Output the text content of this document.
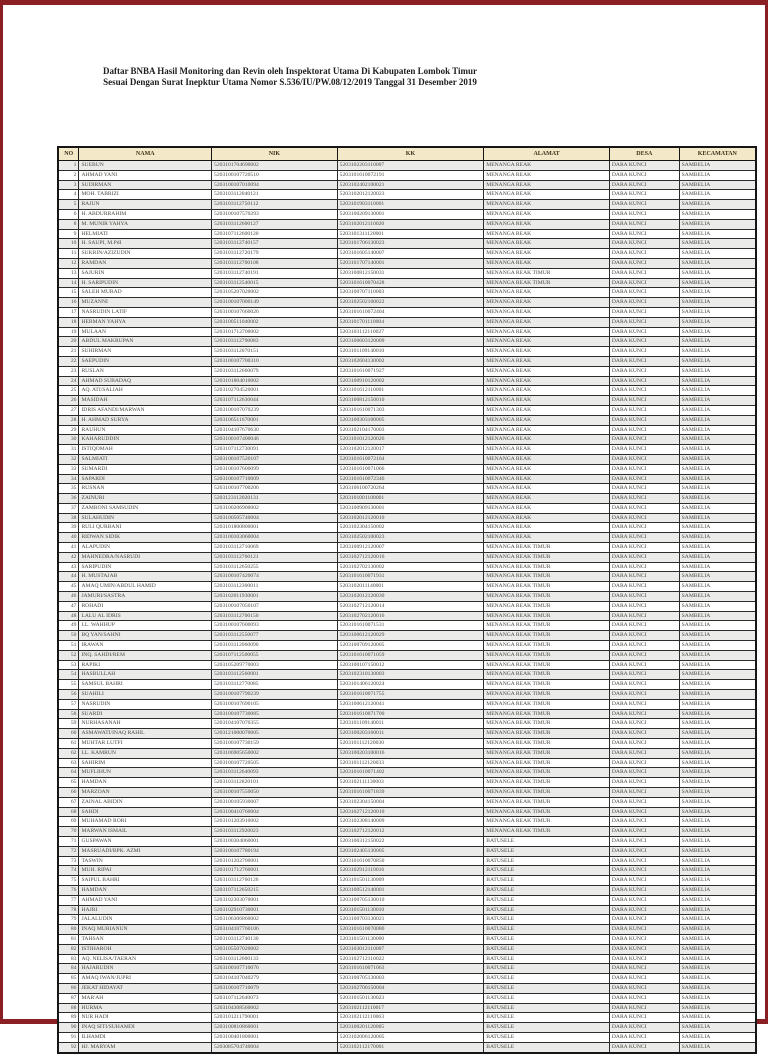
Daftar BNBA Hasil Monitoring dan Revin oleh Inspektorat Utama Di Kabupaten Lombok Timur
Sesuai Dengan Surat Inepktur Utama Nomor S.536/IU/PW.08/12/2019 Tanggal 31 Desember 2019
NO	NAMA	NIK	KK	ALAMAT	DESA	KECAMATAN
1	SUEBUN	5203101704690002	5203102203110007	MENANGA REAK	DARA KUNCI	SAMBELIA
2	AHMAD YANI	5203100107720510	5203101610072191	MENANGA REAK	DARA KUNCI	SAMBELIA
3	SUDIRMAN	5203100107010094	5203102402100021	MENANGA REAK	DARA KUNCI	SAMBELIA
4	MOH. TABRIZI	5203103112040121	5203102012120023	MENANGA REAK	DARA KUNCI	SAMBELIA
5	RAJUN	5203103112750112	5203101903110001	MENANGA REAK	DARA KUNCI	SAMBELIA
6	H. ABDURRAHIM	5203100107570293	5203100209130001	MENANGA REAK	DARA KUNCI	SAMBELIA
8	M. MUNIR YAHYA	5203103112600127	5203102012110020	MENANGA REAK	DARA KUNCI	SAMBELIA
9	HELMIATI	5203107112600120	5203101311120001	MENANGA REAK	DARA KUNCI	SAMBELIA
10	H. SAUPI, M.PdI	5203103112740157	5203101706130023	MENANGA REAK	DARA KUNCI	SAMBELIA
11	SUKRIN/AZIZUDIN	5203103112720179	5203101605140007	MENANGA REAK	DARA KUNCI	SAMBELIA
12	RAMDAN	5203103112700108	5203101707140001	MENANGA REAK	DARA KUNCI	SAMBELIA
13	SAJURIN	5203103112740191	5203100812150031	MENANGA REAK TIMUR	DARA KUNCI	SAMBELIA
14	H. SARIPUDIN	5203103112540015	5203101610070428	MENANGA REAK TIMUR	DARA KUNCI	SAMBELIA
15	SALEH MURAD	5203105207020002	5203100707110003	MENANGA REAK	DARA KUNCI	SAMBELIA
16	MUZANNI	5203100107000149	5203102502100022	MENANGA REAK	DARA KUNCI	SAMBELIA
17	NASRUDIN LATIF	5203100107660026	5203101610072404	MENANGA REAK	DARA KUNCI	SAMBELIA
18	HERMAN YAHYA	5203100511040002	5203101701110004	MENANGA REAK	DARA KUNCI	SAMBELIA
19	MULAAN	5203101712700002	5203103112110027	MENANGA REAK	DARA KUNCI	SAMBELIA
20	ABDUL MAKRUPAN	5203103112790083	5203100603120009	MENANGA REAK	DARA KUNCI	SAMBELIA
21	SUHIRMAN	5203103112070151	5203101109140010	MENANGA REAK	DARA KUNCI	SAMBELIA
22	SAEPUDIN	5203100107700310	5203102604130002	MENANGA REAK	DARA KUNCI	SAMBELIA
23	RUSLAN	5203103112660079	5203101610071927	MENANGA REAK	DARA KUNCI	SAMBELIA
24	AHMAD SUBADAQ	5203101804010002	5203100910120002	MENANGA REAK	DARA KUNCI	SAMBELIA
25	AQ. ATI/SALIAH	5203102704520001	5203101612110001	MENANGA REAK	DARA KUNCI	SAMBELIA
26	MASIDAH	5203107112630044	5203100812150010	MENANGA REAK	DARA KUNCI	SAMBELIA
27	IDRIS AFANDI/MARWAN	5203100107070239	5203101610071303	MENANGA REAK	DARA KUNCI	SAMBELIA
28	H. AHMAD SURYA	5203106511670001	5203100303100005	MENANGA REAK	DARA KUNCI	SAMBELIA
29	RAUHUN	5203104107670630	5203102104170003	MENANGA REAK	DARA KUNCI	SAMBELIA
30	KAHARUDDIN	5203100107400046	5203101012120026	MENANGA REAK	DARA KUNCI	SAMBELIA
31	ISTIQOMAH	5203107112730091	5203102012120017	MENANGA REAK	DARA KUNCI	SAMBELIA
32	SALMIATI	5203100107520107	5203101610072164	MENANGA REAK	DARA KUNCI	SAMBELIA
33	SUMARDI	5203100107600099	5203101610071066	MENANGA REAK	DARA KUNCI	SAMBELIA
34	SAPARDI	5203100107710009	5203101610072346	MENANGA REAK	DARA KUNCI	SAMBELIA
35	RUSNAN	5203100107700206	5203106100720264	MENANGA REAK	DARA KUNCI	SAMBELIA
36	ZAINURI	5203123112020131	5203101001100001	MENANGA REAK	DARA KUNCI	SAMBELIA
37	ZAMRONI SAMSUDIN	5203100206900002	5203100909130001	MENANGA REAK	DARA KUNCI	SAMBELIA
38	SULAHUDIN	5203100505740004	5203102012120010	MENANGA REAK	DARA KUNCI	SAMBELIA
39	RULI QURBANI	5203101800800001	5203102304150002	MENANGA REAK	DARA KUNCI	SAMBELIA
40	RIDWAN SIDIK	5203100103060004	5203102502100023	MENANGA REAK	DARA KUNCI	SAMBELIA
41	ALAPUDIN	5203103112710069	5203100912120007	MENANGA REAK TIMUR	DARA KUNCI	SAMBELIA
42	MAHNEDRA/NASRUDI	5203103112760121	5203102712120016	MENANGA REAK TIMUR	DARA KUNCI	SAMBELIA
43	SARIPUDIN	5203103112650255	5203102702130002	MENANGA REAK TIMUR	DARA KUNCI	SAMBELIA
44	H. MUSTAJAB	5203100107420074	5203101610071931	MENANGA REAK TIMUR	DARA KUNCI	SAMBELIA
45	AMAQ UMIN/ABDUL HAMID	5203103112300011	5203102011140001	MENANGA REAK TIMUR	DARA KUNCI	SAMBELIA
46	JAMURI/SASTRA	5203102011930001	5203102012120030	MENANGA REAK TIMUR	DARA KUNCI	SAMBELIA
47	ROHADI	5203100107050107	5203102712120014	MENANGA REAK TIMUR	DARA KUNCI	SAMBELIA
48	LALU AL IDRIS	5203103112700150	5203102702120016	MENANGA REAK TIMUR	DARA KUNCI	SAMBELIA
49	LL. WAHHUP	5203100107600093	5203101610071531	MENANGA REAK TIMUR	DARA KUNCI	SAMBELIA
50	BQ YAN/SAHNI	5203103112550077	5203100612120029	MENANGA REAK TIMUR	DARA KUNCI	SAMBELIA
51	IRAWAN	5203103112060090	5203100709120005	MENANGA REAK TIMUR	DARA KUNCI	SAMBELIA
52	INQ. SAHDI/REM	5203107112500055	5203101610071059	MENANGA REAK TIMUR	DARA KUNCI	SAMBELIA
53	RAPIKI	5203105209770003	5203100107150012	MENANGA REAK TIMUR	DARA KUNCI	SAMBELIA
54	HASBULLAH	5203103112560001	5203102310130003	MENANGA REAK TIMUR	DARA KUNCI	SAMBELIA
55	SAMSUL BAHRI	5203103112770085	5203101406120024	MENANGA REAK TIMUR	DARA KUNCI	SAMBELIA
56	SUAHILI	5203100107790239	5203101610071755	MENANGA REAK TIMUR	DARA KUNCI	SAMBELIA
57	NASRUDIN	5203100107690105	5203100612120041	MENANGA REAK TIMUR	DARA KUNCI	SAMBELIA
58	SUARDI	5203100107730085	5203101610071700	MENANGA REAK TIMUR	DARA KUNCI	SAMBELIA
59	NURHASANAH	5203104107070355	5203101109140011	MENANGA REAK TIMUR	DARA KUNCI	SAMBELIA
60	ASMAWATI/INAQ RAHIL	5203121000070005	5203100203160011	MENANGA REAK TIMUR	DARA KUNCI	SAMBELIA
61	MUHTAR LUTFI	5203100107730159	5203101112120030	MENANGA REAK TIMUR	DARA KUNCI	SAMBELIA
62	LL. KAMRUN	5203106905650002	5203100203100016	MENANGA REAK TIMUR	DARA KUNCI	SAMBELIA
63	SAHIRIM	5203100107720505	5203101112120033	MENANGA REAK TIMUR	DARA KUNCI	SAMBELIA
64	MUFLIHUN	5203103112640093	5203101610071402	MENANGA REAK TIMUR	DARA KUNCI	SAMBELIA
65	HAMDAN	5203103112820101	5203102111130003	MENANGA REAK TIMUR	DARA KUNCI	SAMBELIA
66	MARZOAN	5203100107550050	5203101610071839	MENANGA REAK TIMUR	DARA KUNCI	SAMBELIA
67	ZAINAL ABIDIN	5203100105930007	5203102304150004	MENANGA REAK TIMUR	DARA KUNCI	SAMBELIA
68	SAHDI	5203100410760004	5203102712120010	MENANGA REAK TIMUR	DARA KUNCI	SAMBELIA
69	MUHAMAD RORI	5203101203910002	5203102308140009	MENANGA REAK TIMUR	DARA KUNCI	SAMBELIA
70	MARWAN ISMAIL	5203103112920023	5203102712120012	MENANGA REAK TIMUR	DARA KUNCI	SAMBELIA
71	GUSPAWAN	5203100304060001	5203100312150022	BATUSELE	DARA KUNCI	SAMBELIA
72	MASRUADI/BPK. AZMI	5203100107780194	5203102405130005	BATUSELE	DARA KUNCI	SAMBELIA
73	TASWIN	5203101202700001	5203101610070850	BATUSELE	DARA KUNCI	SAMBELIA
74	MUH. RIPAI	5203101712760001	5203102912110016	BATUSELE	DARA KUNCI	SAMBELIA
75	SAIPUL BAHRI	5203103112760126	5203101501130009	BATUSELE	DARA KUNCI	SAMBELIA
76	HAMDAN	5203107112650215	5203100512140001	BATUSELE	DARA KUNCI	SAMBELIA
77	AHMAD YANI	5203102303070001	5203100705130010	BATUSELE	DARA KUNCI	SAMBELIA
78	HAJRI	5203102910730001	5203101501130010	BATUSELE	DARA KUNCI	SAMBELIA
79	JALALUDIN	5203106306860002	5203100703130021	BATUSELE	DARA KUNCI	SAMBELIA
80	INAQ MURIANUN	5203104107760106	5203101610070080	BATUSELE	DARA KUNCI	SAMBELIA
81	TAHSAN	5203103112740130	5203101501130000	BATUSELE	DARA KUNCI	SAMBELIA
82	ISTIHAROH	5203105507020002	5203103012110007	BATUSELE	DARA KUNCI	SAMBELIA
83	AQ. NELISA/TAERAN	5203103112600133	5203102712110022	BATUSELE	DARA KUNCI	SAMBELIA
84	HAJARUDIN	5203100107710076	5203101610071063	BATUSELE	DARA KUNCI	SAMBELIA
85	AMAQ IWAN/JUPRI	5203104107040279	5203100705130003	BATUSELE	DARA KUNCI	SAMBELIA
86	JEKAT HIDAYAT	5203100107710079	5203102700150004	BATUSELE	DARA KUNCI	SAMBELIA
87	MAR'AH	5203107112640073	5203101501130023	BATUSELE	DARA KUNCI	SAMBELIA
88	HURMA	5203104308560002	5203102112110017	BATUSELE	DARA KUNCI	SAMBELIA
89	NUR HADI	5203101211790001	5203102112110063	BATUSELE	DARA KUNCI	SAMBELIA
90	INAQ SITI/SUHAMDI	5203100810860001	5203100201120005	BATUSELE	DARA KUNCI	SAMBELIA
91	ILHAMDI	5203100401800001	5203102006120005	BATUSELE	DARA KUNCI	SAMBELIA
92	HJ. MARYAM	5203085704740004	5203102112170001	BATUSELE	DARA KUNCI	SAMBELIA
